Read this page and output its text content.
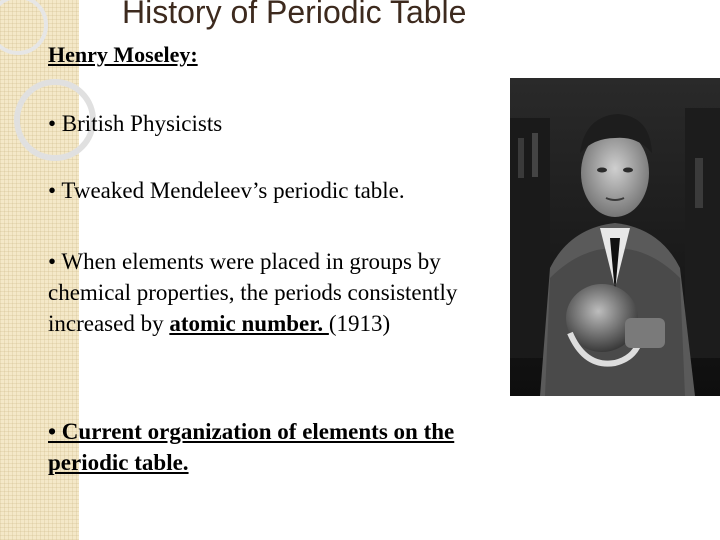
History of Periodic Table
Henry Moseley:

• British Physicists

• Tweaked Mendeleev’s periodic table.

• When elements were placed in groups by chemical properties, the periods consistently increased by atomic number. (1913)

• Current organization of elements on the periodic table.
